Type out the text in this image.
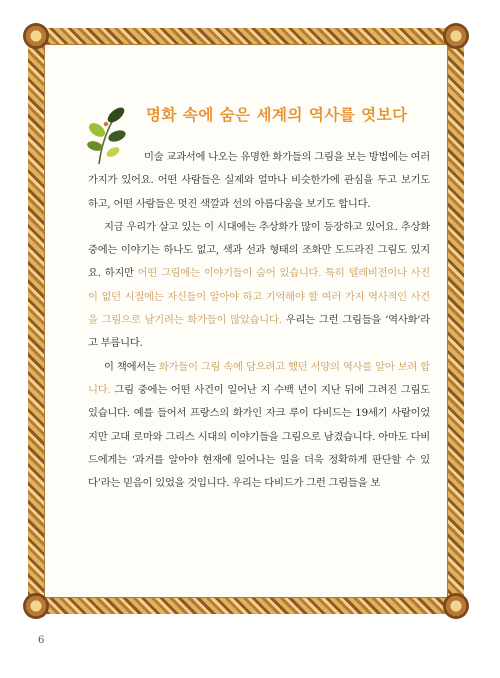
명화 속에 숨은 세계의 역사를 엿보다

미술 교과서에 나오는 유명한 화가들의 그림을 보는 방법에는 여러 가지가 있어요. 어떤 사람들은 실제와 얼마나 비슷한가에 관심을 두고 보기도 하고, 어떤 사람들은 멋진 색깔과 선의 아름다움을 보기도 합니다.

지금 우리가 살고 있는 이 시대에는 추상화가 많이 등장하고 있어요. 추상화 중에는 이야기는 하나도 없고, 색과 선과 형태의 조화만 도드라진 그림도 있지요. 하지만 어떤 그림에는 이야기들이 숨어 있습니다. 특히 텔레비전이나 사진이 없던 시절에는 자신들이 알아야 하고 기억해야 할 여러 가지 역사적인 사건을 그림으로 남기려는 화가들이 많았습니다. 우리는 그런 그림들을 ‘역사화’라고 부릅니다.

이 책에서는 화가들이 그림 속에 담으려고 했던 서양의 역사를 알아 보려 합니다. 그림 중에는 어떤 사건이 일어난 지 수백 년이 지난 뒤에 그려진 그림도 있습니다. 예를 들어서 프랑스의 화가인 자크 루이 다비드는 19세기 사람이었지만 고대 로마와 그리스 시대의 이야기들을 그림으로 남겼습니다. 아마도 다비드에게는 ‘과거를 알아야 현재에 일어나는 일을 더욱 정확하게 판단할 수 있다’라는 믿음이 있었을 것입니다. 우리는 다비드가 그런 그림들을 보

6
